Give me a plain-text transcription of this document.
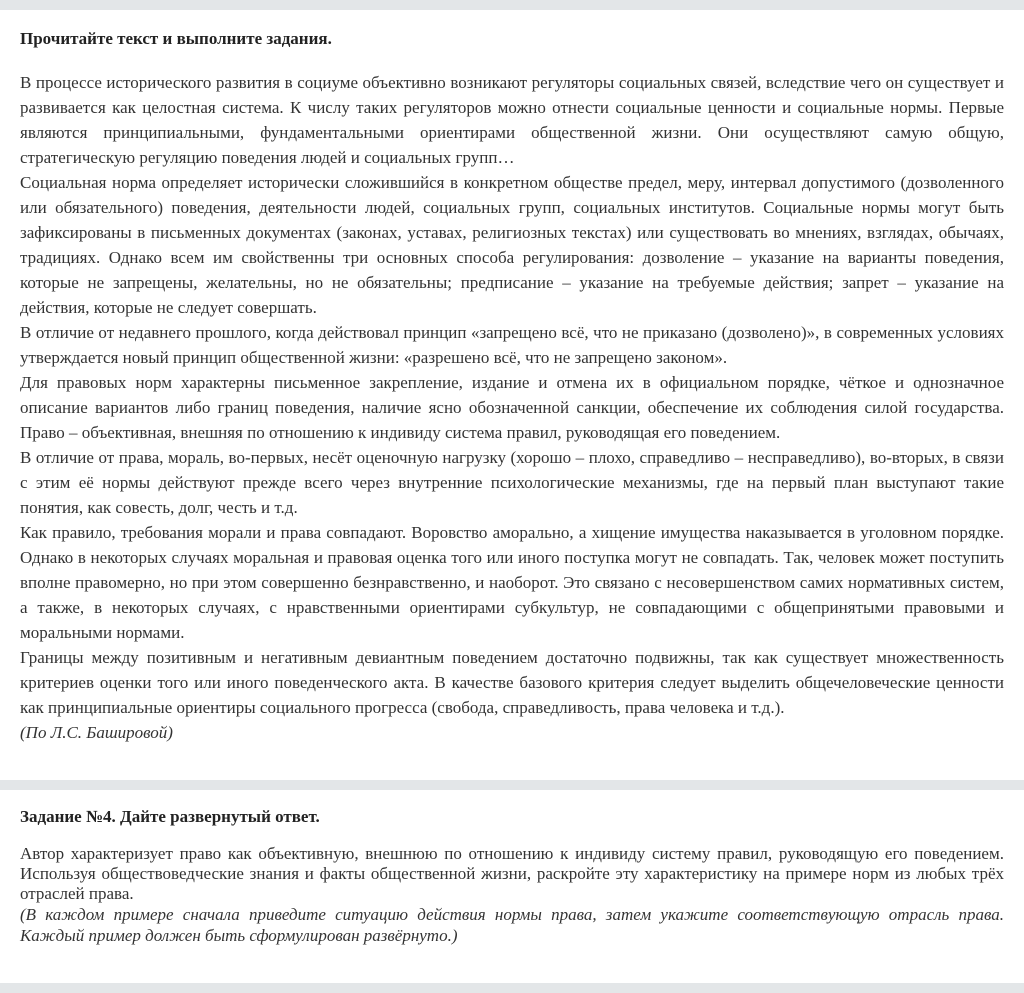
Прочитайте текст и выполните задания.

В процессе исторического развития в социуме объективно возникают регуляторы социальных связей, вследствие чего он существует и развивается как целостная система. К числу таких регуляторов можно отнести социальные ценности и социальные нормы. Первые являются принципиальными, фундаментальными ориентирами общественной жизни. Они осуществляют самую общую, стратегическую регуляцию поведения людей и социальных групп…

Социальная норма определяет исторически сложившийся в конкретном обществе предел, меру, интервал допустимого (дозволенного или обязательного) поведения, деятельности людей, социальных групп, социальных институтов. Социальные нормы могут быть зафиксированы в письменных документах (законах, уставах, религиозных текстах) или существовать во мнениях, взглядах, обычаях, традициях. Однако всем им свойственны три основных способа регулирования: дозволение – указание на варианты поведения, которые не запрещены, желательны, но не обязательны; предписание – указание на требуемые действия; запрет – указание на действия, которые не следует совершать.

В отличие от недавнего прошлого, когда действовал принцип «запрещено всё, что не приказано (дозволено)», в современных условиях утверждается новый принцип общественной жизни: «разрешено всё, что не запрещено законом».

Для правовых норм характерны письменное закрепление, издание и отмена их в официальном порядке, чёткое и однозначное описание вариантов либо границ поведения, наличие ясно обозначенной санкции, обеспечение их соблюдения силой государства. Право – объективная, внешняя по отношению к индивиду система правил, руководящая его поведением.

В отличие от права, мораль, во-первых, несёт оценочную нагрузку (хорошо – плохо, справедливо – несправедливо), во-вторых, в связи с этим её нормы действуют прежде всего через внутренние психологические механизмы, где на первый план выступают такие понятия, как совесть, долг, честь и т.д.

Как правило, требования морали и права совпадают. Воровство аморально, а хищение имущества наказывается в уголовном порядке. Однако в некоторых случаях моральная и правовая оценка того или иного поступка могут не совпадать. Так, человек может поступить вполне правомерно, но при этом совершенно безнравственно, и наоборот. Это связано с несовершенством самих нормативных систем, а также, в некоторых случаях, с нравственными ориентирами субкультур, не совпадающими с общепринятыми правовыми и моральными нормами.

Границы между позитивным и негативным девиантным поведением достаточно подвижны, так как существует множественность критериев оценки того или иного поведенческого акта. В качестве базового критерия следует выделить общечеловеческие ценности как принципиальные ориентиры социального прогресса (свобода, справедливость, права человека и т.д.).

(По Л.С. Башировой)
Задание №4. Дайте развернутый ответ.

Автор характеризует право как объективную, внешнюю по отношению к индивиду систему правил, руководящую его поведением. Используя обществоведческие знания и факты общественной жизни, раскройте эту характеристику на примере норм из любых трёх отраслей права.

(В каждом примере сначала приведите ситуацию действия нормы права, затем укажите соответствующую отрасль права. Каждый пример должен быть сформулирован развёрнуто.)
